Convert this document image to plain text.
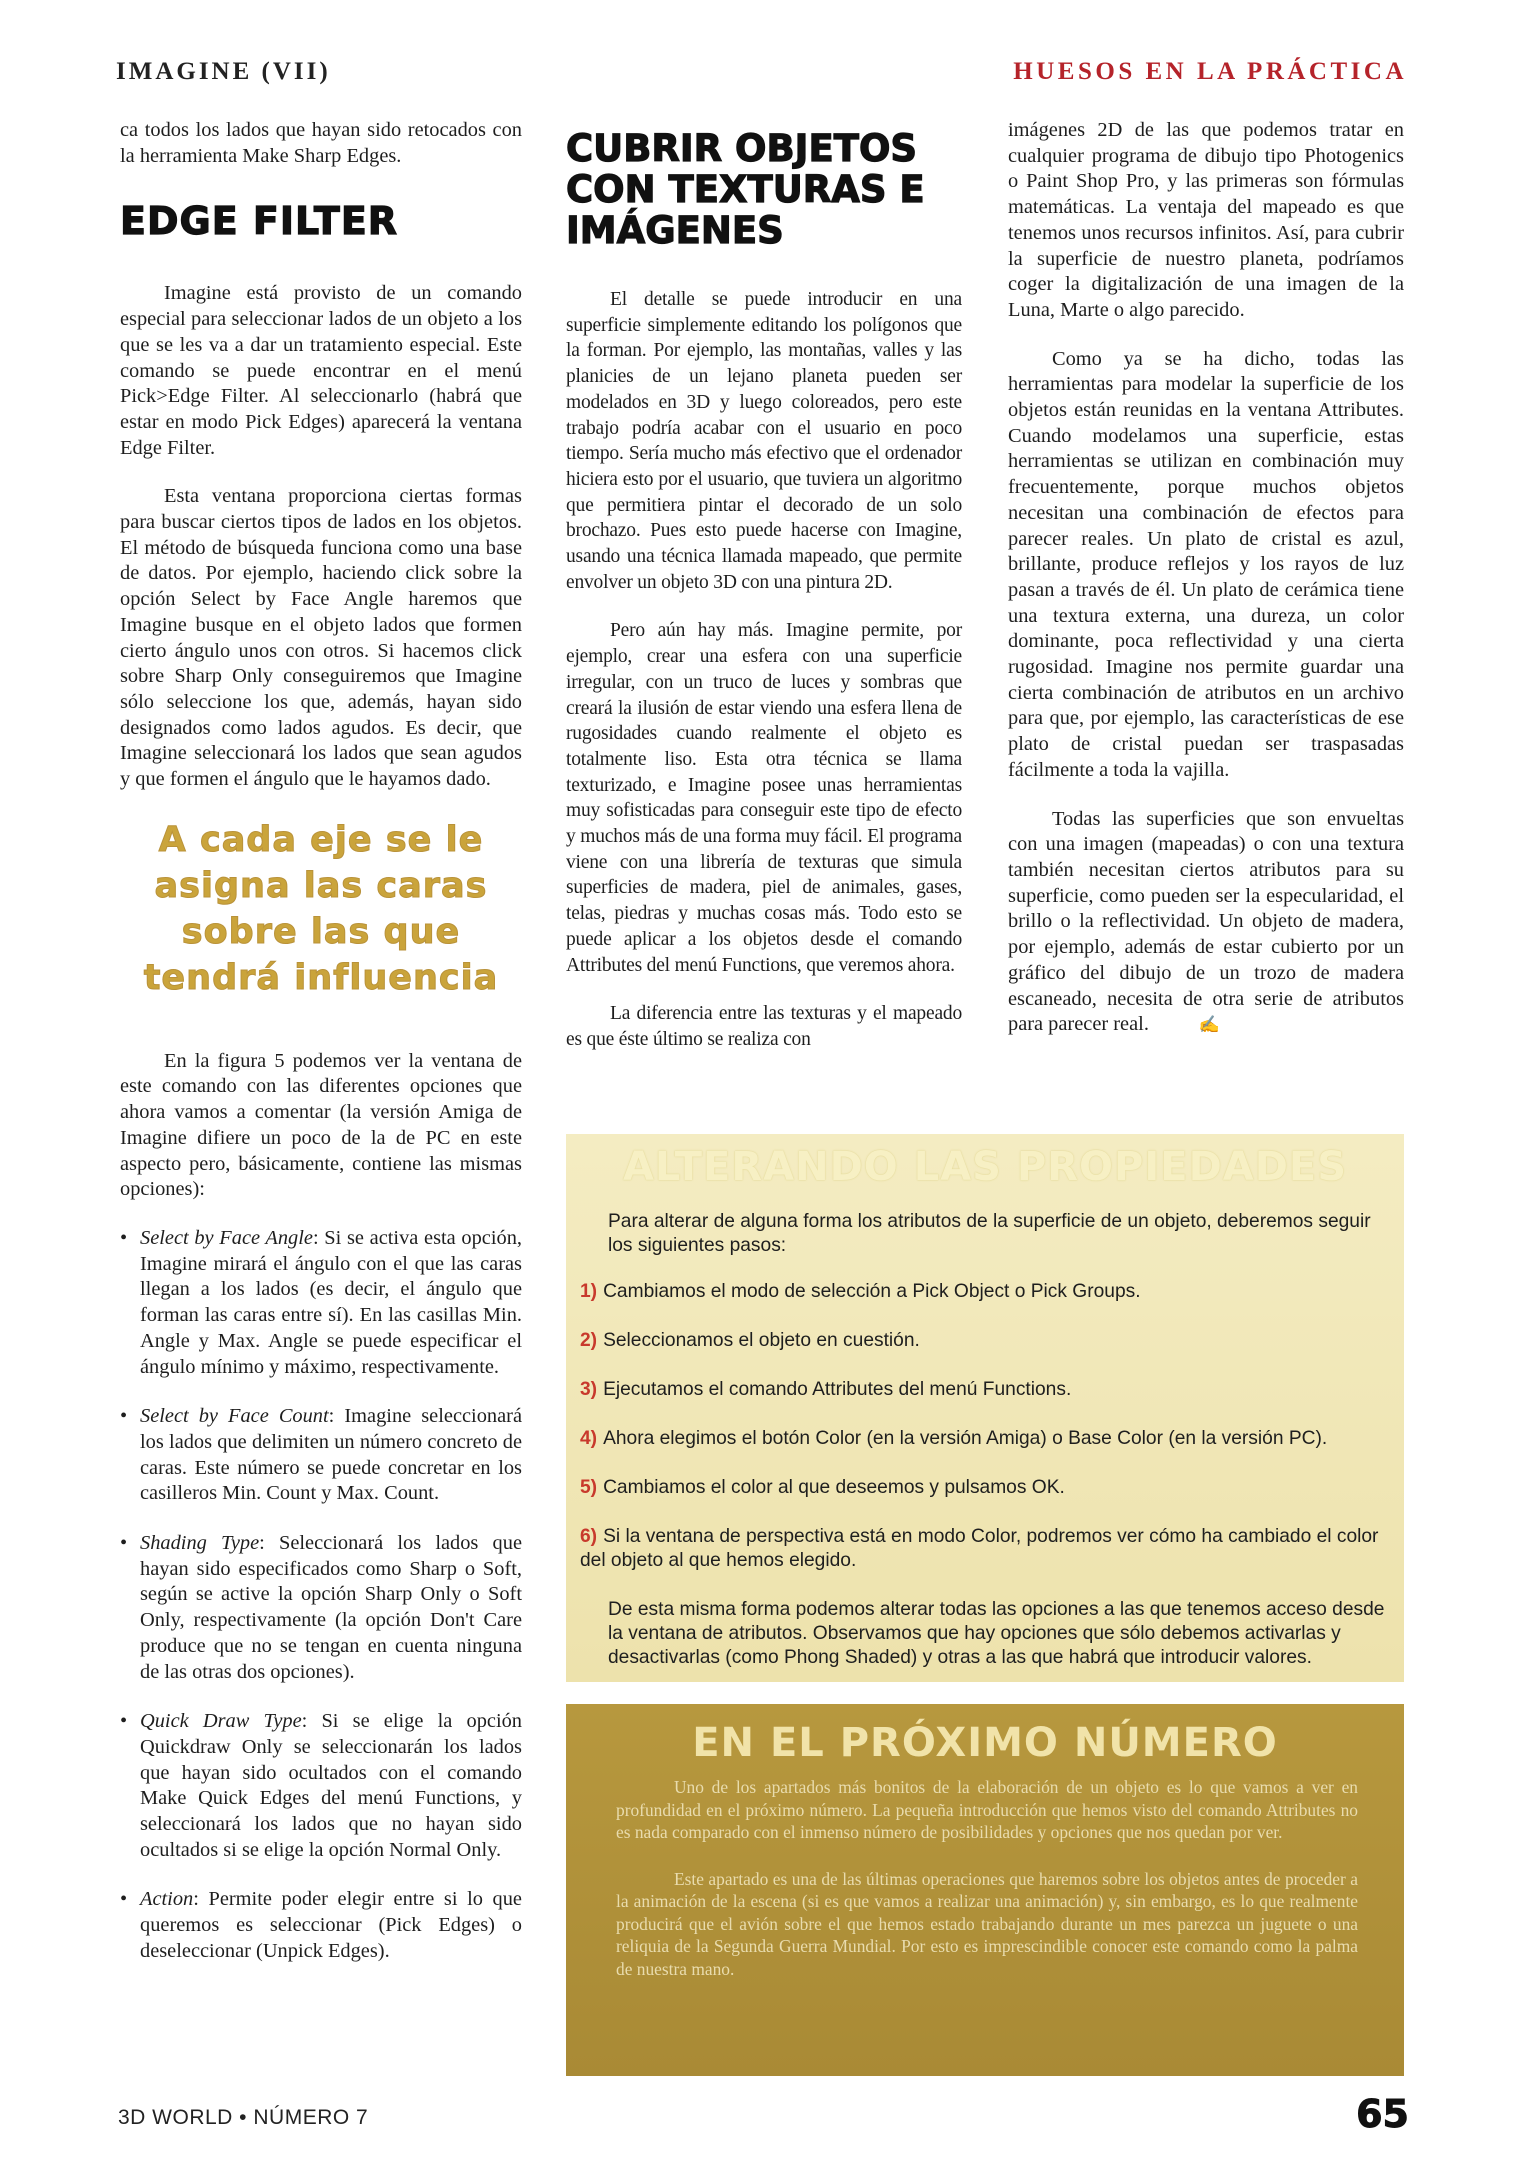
IMAGINE (VII)	HUESOS EN LA PRÁCTICA

ca todos los lados que hayan sido retocados con la herramienta Make Sharp Edges.

EDGE FILTER

Imagine está provisto de un comando especial para seleccionar lados de un objeto a los que se les va a dar un tratamiento especial. Este comando se puede encontrar en el menú Pick>Edge Filter. Al seleccionarlo (habrá que estar en modo Pick Edges) aparecerá la ventana Edge Filter.

Esta ventana proporciona ciertas formas para buscar ciertos tipos de lados en los objetos. El método de búsqueda funciona como una base de datos. Por ejemplo, haciendo click sobre la opción Select by Face Angle haremos que Imagine busque en el objeto lados que formen cierto ángulo unos con otros. Si hacemos click sobre Sharp Only conseguiremos que Imagine sólo seleccione los que, además, hayan sido designados como lados agudos. Es decir, que Imagine seleccionará los lados que sean agudos y que formen el ángulo que le hayamos dado.

A cada eje se le asigna las caras sobre las que tendrá influencia

En la figura 5 podemos ver la ventana de este comando con las diferentes opciones que ahora vamos a comentar (la versión Amiga de Imagine difiere un poco de la de PC en este aspecto pero, básicamente, contiene las mismas opciones):

• Select by Face Angle: Si se activa esta opción, Imagine mirará el ángulo con el que las caras llegan a los lados (es decir, el ángulo que forman las caras entre sí). En las casillas Min. Angle y Max. Angle se puede especificar el ángulo mínimo y máximo, respectivamente.

• Select by Face Count: Imagine seleccionará los lados que delimiten un número concreto de caras. Este número se puede concretar en los casilleros Min. Count y Max. Count.

• Shading Type: Seleccionará los lados que hayan sido especificados como Sharp o Soft, según se active la opción Sharp Only o Soft Only, respectivamente (la opción Don't Care produce que no se tengan en cuenta ninguna de las otras dos opciones).

• Quick Draw Type: Si se elige la opción Quickdraw Only se seleccionarán los lados que hayan sido ocultados con el comando Make Quick Edges del menú Functions, y seleccionará los lados que no hayan sido ocultados si se elige la opción Normal Only.

• Action: Permite poder elegir entre si lo que queremos es seleccionar (Pick Edges) o deseleccionar (Unpick Edges).

CUBRIR OBJETOS CON TEXTURAS E IMÁGENES

El detalle se puede introducir en una superficie simplemente editando los polígonos que la forman. Por ejemplo, las montañas, valles y las planicies de un lejano planeta pueden ser modelados en 3D y luego coloreados, pero este trabajo podría acabar con el usuario en poco tiempo. Sería mucho más efectivo que el ordenador hiciera esto por el usuario, que tuviera un algoritmo que permitiera pintar el decorado de un solo brochazo. Pues esto puede hacerse con Imagine, usando una técnica llamada mapeado, que permite envolver un objeto 3D con una pintura 2D.

Pero aún hay más. Imagine permite, por ejemplo, crear una esfera con una superficie irregular, con un truco de luces y sombras que creará la ilusión de estar viendo una esfera llena de rugosidades cuando realmente el objeto es totalmente liso. Esta otra técnica se llama texturizado, e Imagine posee unas herramientas muy sofisticadas para conseguir este tipo de efecto y muchos más de una forma muy fácil. El programa viene con una librería de texturas que simula superficies de madera, piel de animales, gases, telas, piedras y muchas cosas más. Todo esto se puede aplicar a los objetos desde el comando Attributes del menú Functions, que veremos ahora.

La diferencia entre las texturas y el mapeado es que éste último se realiza con

imágenes 2D de las que podemos tratar en cualquier programa de dibujo tipo Photogenics o Paint Shop Pro, y las primeras son fórmulas matemáticas. La ventaja del mapeado es que tenemos unos recursos infinitos. Así, para cubrir la superficie de nuestro planeta, podríamos coger la digitalización de una imagen de la Luna, Marte o algo parecido.

Como ya se ha dicho, todas las herramientas para modelar la superficie de los objetos están reunidas en la ventana Attributes. Cuando modelamos una superficie, estas herramientas se utilizan en combinación muy frecuentemente, porque muchos objetos necesitan una combinación de efectos para parecer reales. Un plato de cristal es azul, brillante, produce reflejos y los rayos de luz pasan a través de él. Un plato de cerámica tiene una textura externa, una dureza, un color dominante, poca reflectividad y una cierta rugosidad. Imagine nos permite guardar una cierta combinación de atributos en un archivo para que, por ejemplo, las características de ese plato de cristal puedan ser traspasadas fácilmente a toda la vajilla.

Todas las superficies que son envueltas con una imagen (mapeadas) o con una textura también necesitan ciertos atributos para su superficie, como pueden ser la especularidad, el brillo o la reflectividad. Un objeto de madera, por ejemplo, además de estar cubierto por un gráfico del dibujo de un trozo de madera escaneado, necesita de otra serie de atributos para parecer real.	✍

ALTERANDO LAS PROPIEDADES

Para alterar de alguna forma los atributos de la superficie de un objeto, deberemos seguir los siguientes pasos:

1) Cambiamos el modo de selección a Pick Object o Pick Groups.

2) Seleccionamos el objeto en cuestión.

3) Ejecutamos el comando Attributes del menú Functions.

4) Ahora elegimos el botón Color (en la versión Amiga) o Base Color (en la versión PC).

5) Cambiamos el color al que deseemos y pulsamos OK.

6) Si la ventana de perspectiva está en modo Color, podremos ver cómo ha cambiado el color del objeto al que hemos elegido.

De esta misma forma podemos alterar todas las opciones a las que tenemos acceso desde la ventana de atributos. Observamos que hay opciones que sólo debemos activarlas y desactivarlas (como Phong Shaded) y otras a las que habrá que introducir valores.

EN EL PRÓXIMO NÚMERO

Uno de los apartados más bonitos de la elaboración de un objeto es lo que vamos a ver en profundidad en el próximo número. La pequeña introducción que hemos visto del comando Attributes no es nada comparado con el inmenso número de posibilidades y opciones que nos quedan por ver.

Este apartado es una de las últimas operaciones que haremos sobre los objetos antes de proceder a la animación de la escena (si es que vamos a realizar una animación) y, sin embargo, es lo que realmente producirá que el avión sobre el que hemos estado trabajando durante un mes parezca un juguete o una reliquia de la Segunda Guerra Mundial. Por esto es imprescindible conocer este comando como la palma de nuestra mano.

3D WORLD • NÚMERO 7	65
